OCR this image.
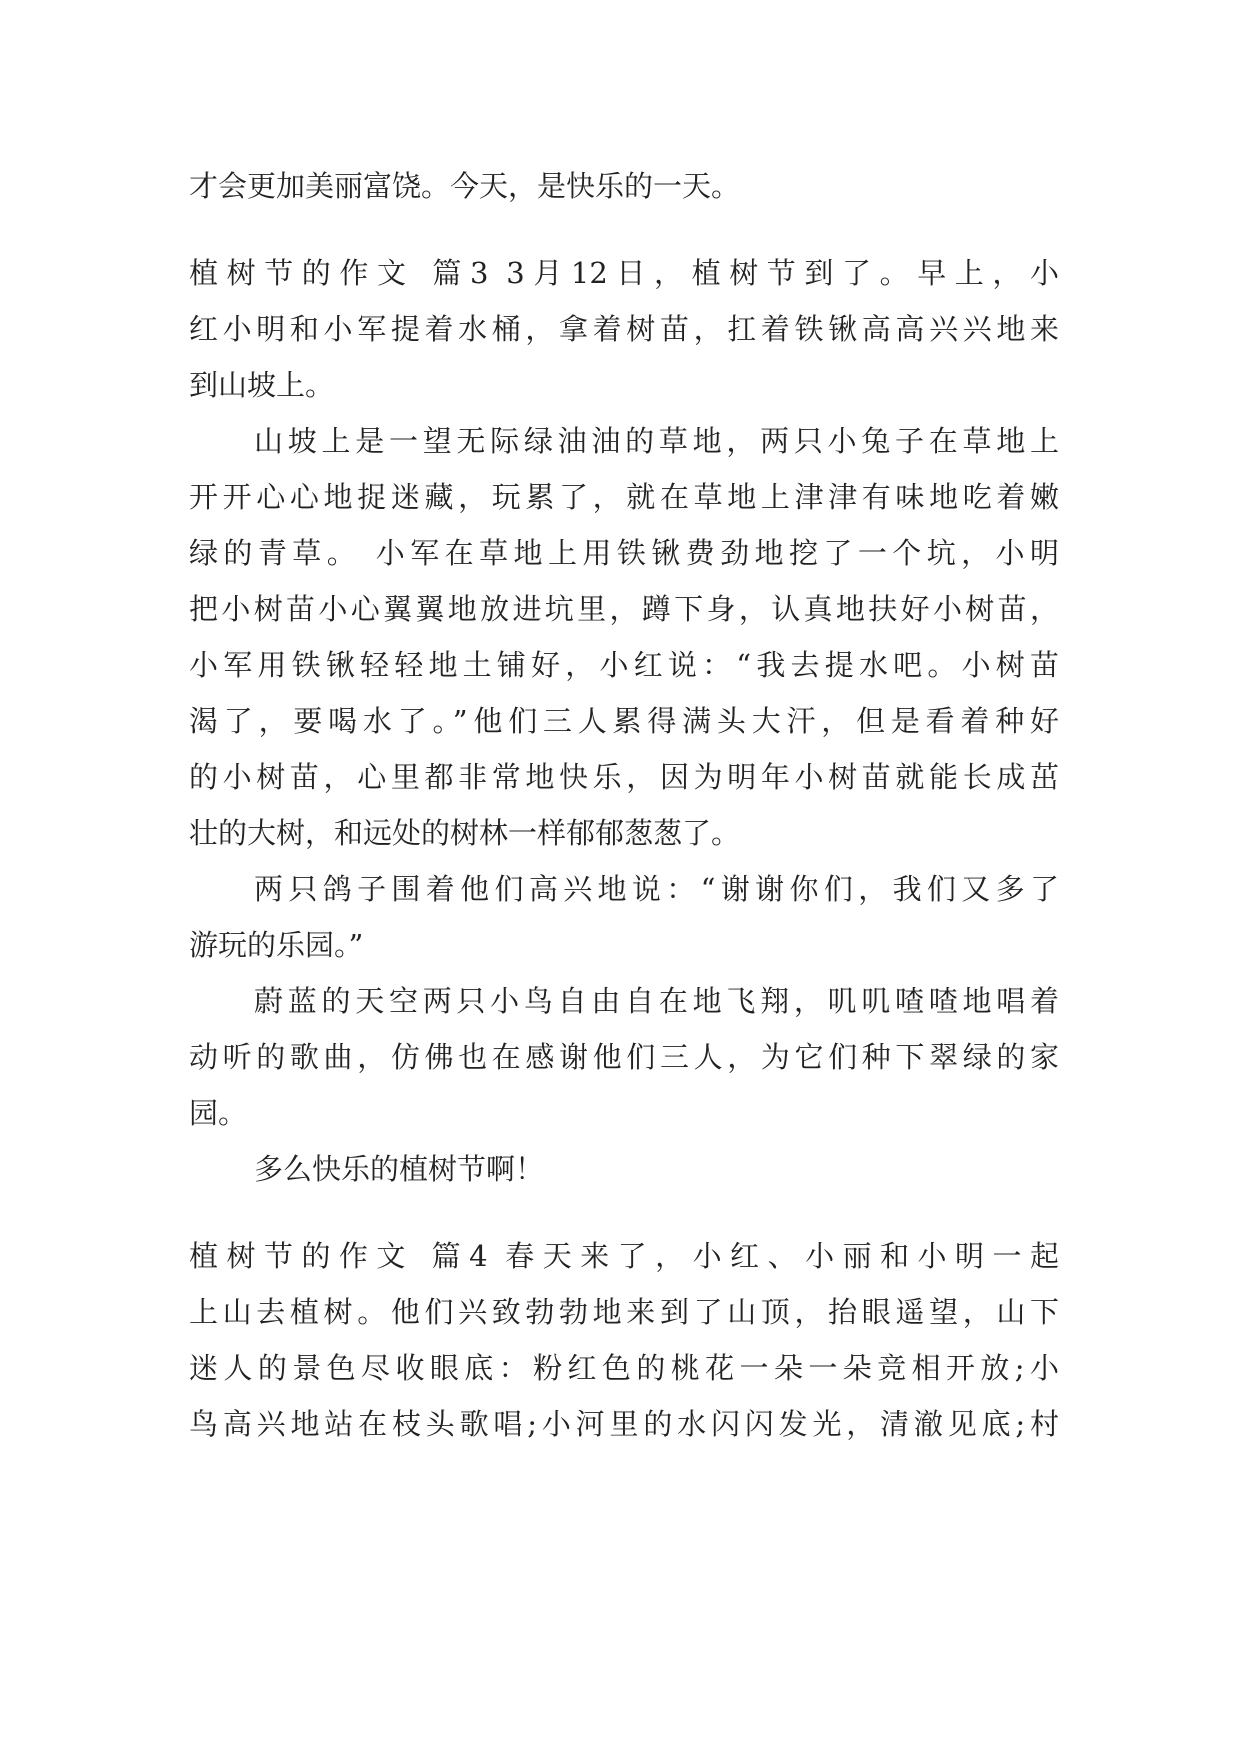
才会更加美丽富饶。今天，是快乐的一天。
植树节的作文 篇3 3月12日，植树节到了。早上，小
红小明和小军提着水桶，拿着树苗，扛着铁锹高高兴兴地来
到山坡上。
山坡上是一望无际绿油油的草地，两只小兔子在草地上
开开心心地捉迷藏，玩累了，就在草地上津津有味地吃着嫩
绿的青草。 小军在草地上用铁锹费劲地挖了一个坑，小明
把小树苗小心翼翼地放进坑里，蹲下身，认真地扶好小树苗，
小军用铁锹轻轻地土铺好，小红说：“我去提水吧。小树苗
渴了，要喝水了。”他们三人累得满头大汗，但是看着种好
的小树苗，心里都非常地快乐，因为明年小树苗就能长成茁
壮的大树，和远处的树林一样郁郁葱葱了。
两只鸽子围着他们高兴地说：“谢谢你们，我们又多了
游玩的乐园。”
蔚蓝的天空两只小鸟自由自在地飞翔，叽叽喳喳地唱着
动听的歌曲，仿佛也在感谢他们三人，为它们种下翠绿的家
园。
多么快乐的植树节啊！
植树节的作文 篇4 春天来了，小红、小丽和小明一起
上山去植树。他们兴致勃勃地来到了山顶，抬眼遥望，山下
迷人的景色尽收眼底：粉红色的桃花一朵一朵竞相开放;小
鸟高兴地站在枝头歌唱;小河里的水闪闪发光，清澈见底;村
